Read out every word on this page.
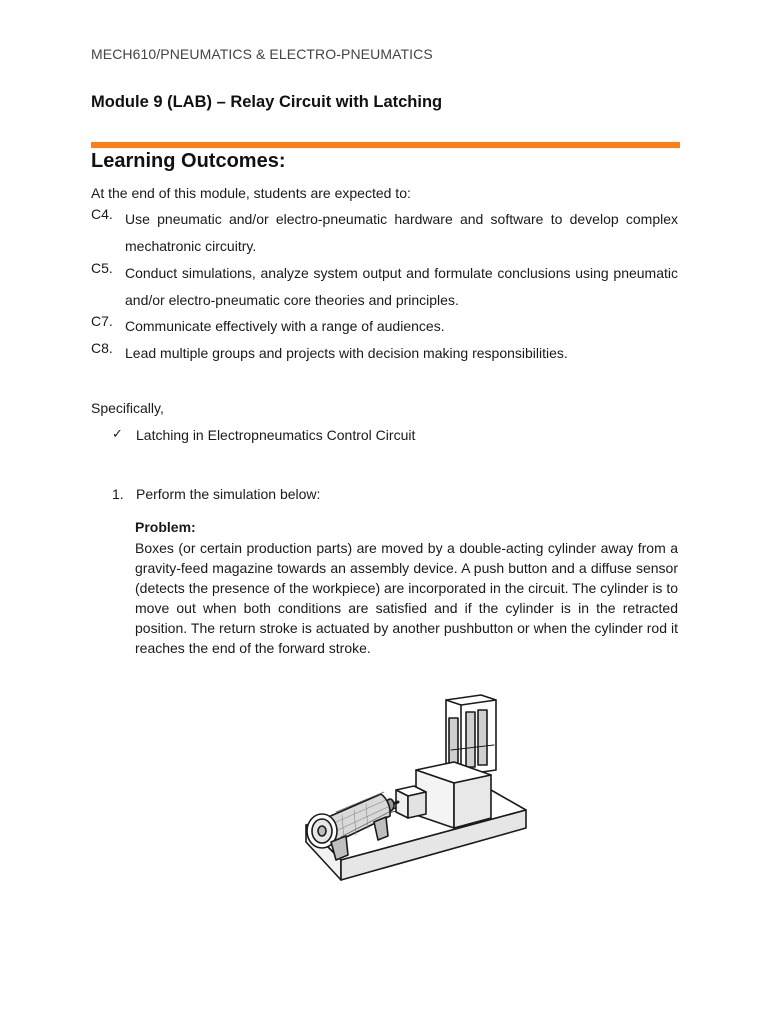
MECH610/PNEUMATICS & ELECTRO-PNEUMATICS
Module 9 (LAB) – Relay Circuit with Latching
Learning Outcomes:
At the end of this module, students are expected to:
C4. Use pneumatic and/or electro-pneumatic hardware and software to develop complex mechatronic circuitry.
C5. Conduct simulations, analyze system output and formulate conclusions using pneumatic and/or electro-pneumatic core theories and principles.
C7. Communicate effectively with a range of audiences.
C8. Lead multiple groups and projects with decision making responsibilities.
Specifically,
✓ Latching in Electropneumatics Control Circuit
1. Perform the simulation below:
Problem:
Boxes (or certain production parts) are moved by a double-acting cylinder away from a gravity-feed magazine towards an assembly device. A push button and a diffuse sensor (detects the presence of the workpiece) are incorporated in the circuit. The cylinder is to move out when both conditions are satisfied and if the cylinder is in the retracted position. The return stroke is actuated by another pushbutton or when the cylinder rod it reaches the end of the forward stroke.
